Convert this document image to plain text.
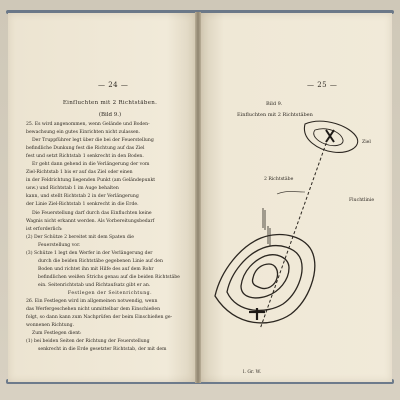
— 24 —
Einfluchten mit 2 Richtstäben.
(Bild 9.)
25. Es wird angenommen, wenn Gelände und Boden-
bewachsung ein gutes Einrichten nicht zulassen.
Der Truppführer legt über die bei der Feuerstellung
befindliche Dunkung fest die Richtung auf das Ziel
fest und setzt Richtstab 1 senkrecht in den Boden.
Er geht dann gehend in die Verlängerung der vom
Ziel-Richtstab 1 bis er auf das Ziel oder einen
in der Feldrichtung liegenden Punkt (am Geländepunkt
usw.) und Richtstab 1 im Auge behalten
kann, und stellt Richtstab 2 in der Verlängerung
der Linie Ziel-Richtstab 1 senkrecht in die Erde.
Die Feuerstellung darf durch das Einfluchten keine
Wagnis nicht erkannt werden. Als Vorbereitungsbedarf
ist erforderlich:
(2) Der Schütze 2 bereitet mit dem Spaten die
Feuerstellung vor.
(3) Schütze 1 legt den Werfer in der Verlängerung der
durch die beiden Richtstäbe gegebenen Linie auf den
Boden und richtet ihn mit Hilfe des auf dem Rohr
befindlichen weißen Strichs genau auf die beiden Richtstäbe
ein. Seitenrichtstab und Richtaufsatz gibt er an.
Festlegen der Seitenrichtung.
26. Ein Festlegen wird im allgemeinen notwendig, wenn
das Werfergeschehen nicht unmittelbar dem Einschießen
folgt, so dann kann zum Nachprüfen der beim Einschießen ge-
wonnenen Richtung.
Zum Festlegen dient:
(1) bei beiden Seiten der Richtung der Feuerstellung
senkrecht in die Erde gesetzter Richtstab, der mit dem
— 25 —
Bild 9.
Einfluchten mit 2 Richtstäben
2 Richtstäbe
Ziel
Fluchtlinie
l. Gr. W.
